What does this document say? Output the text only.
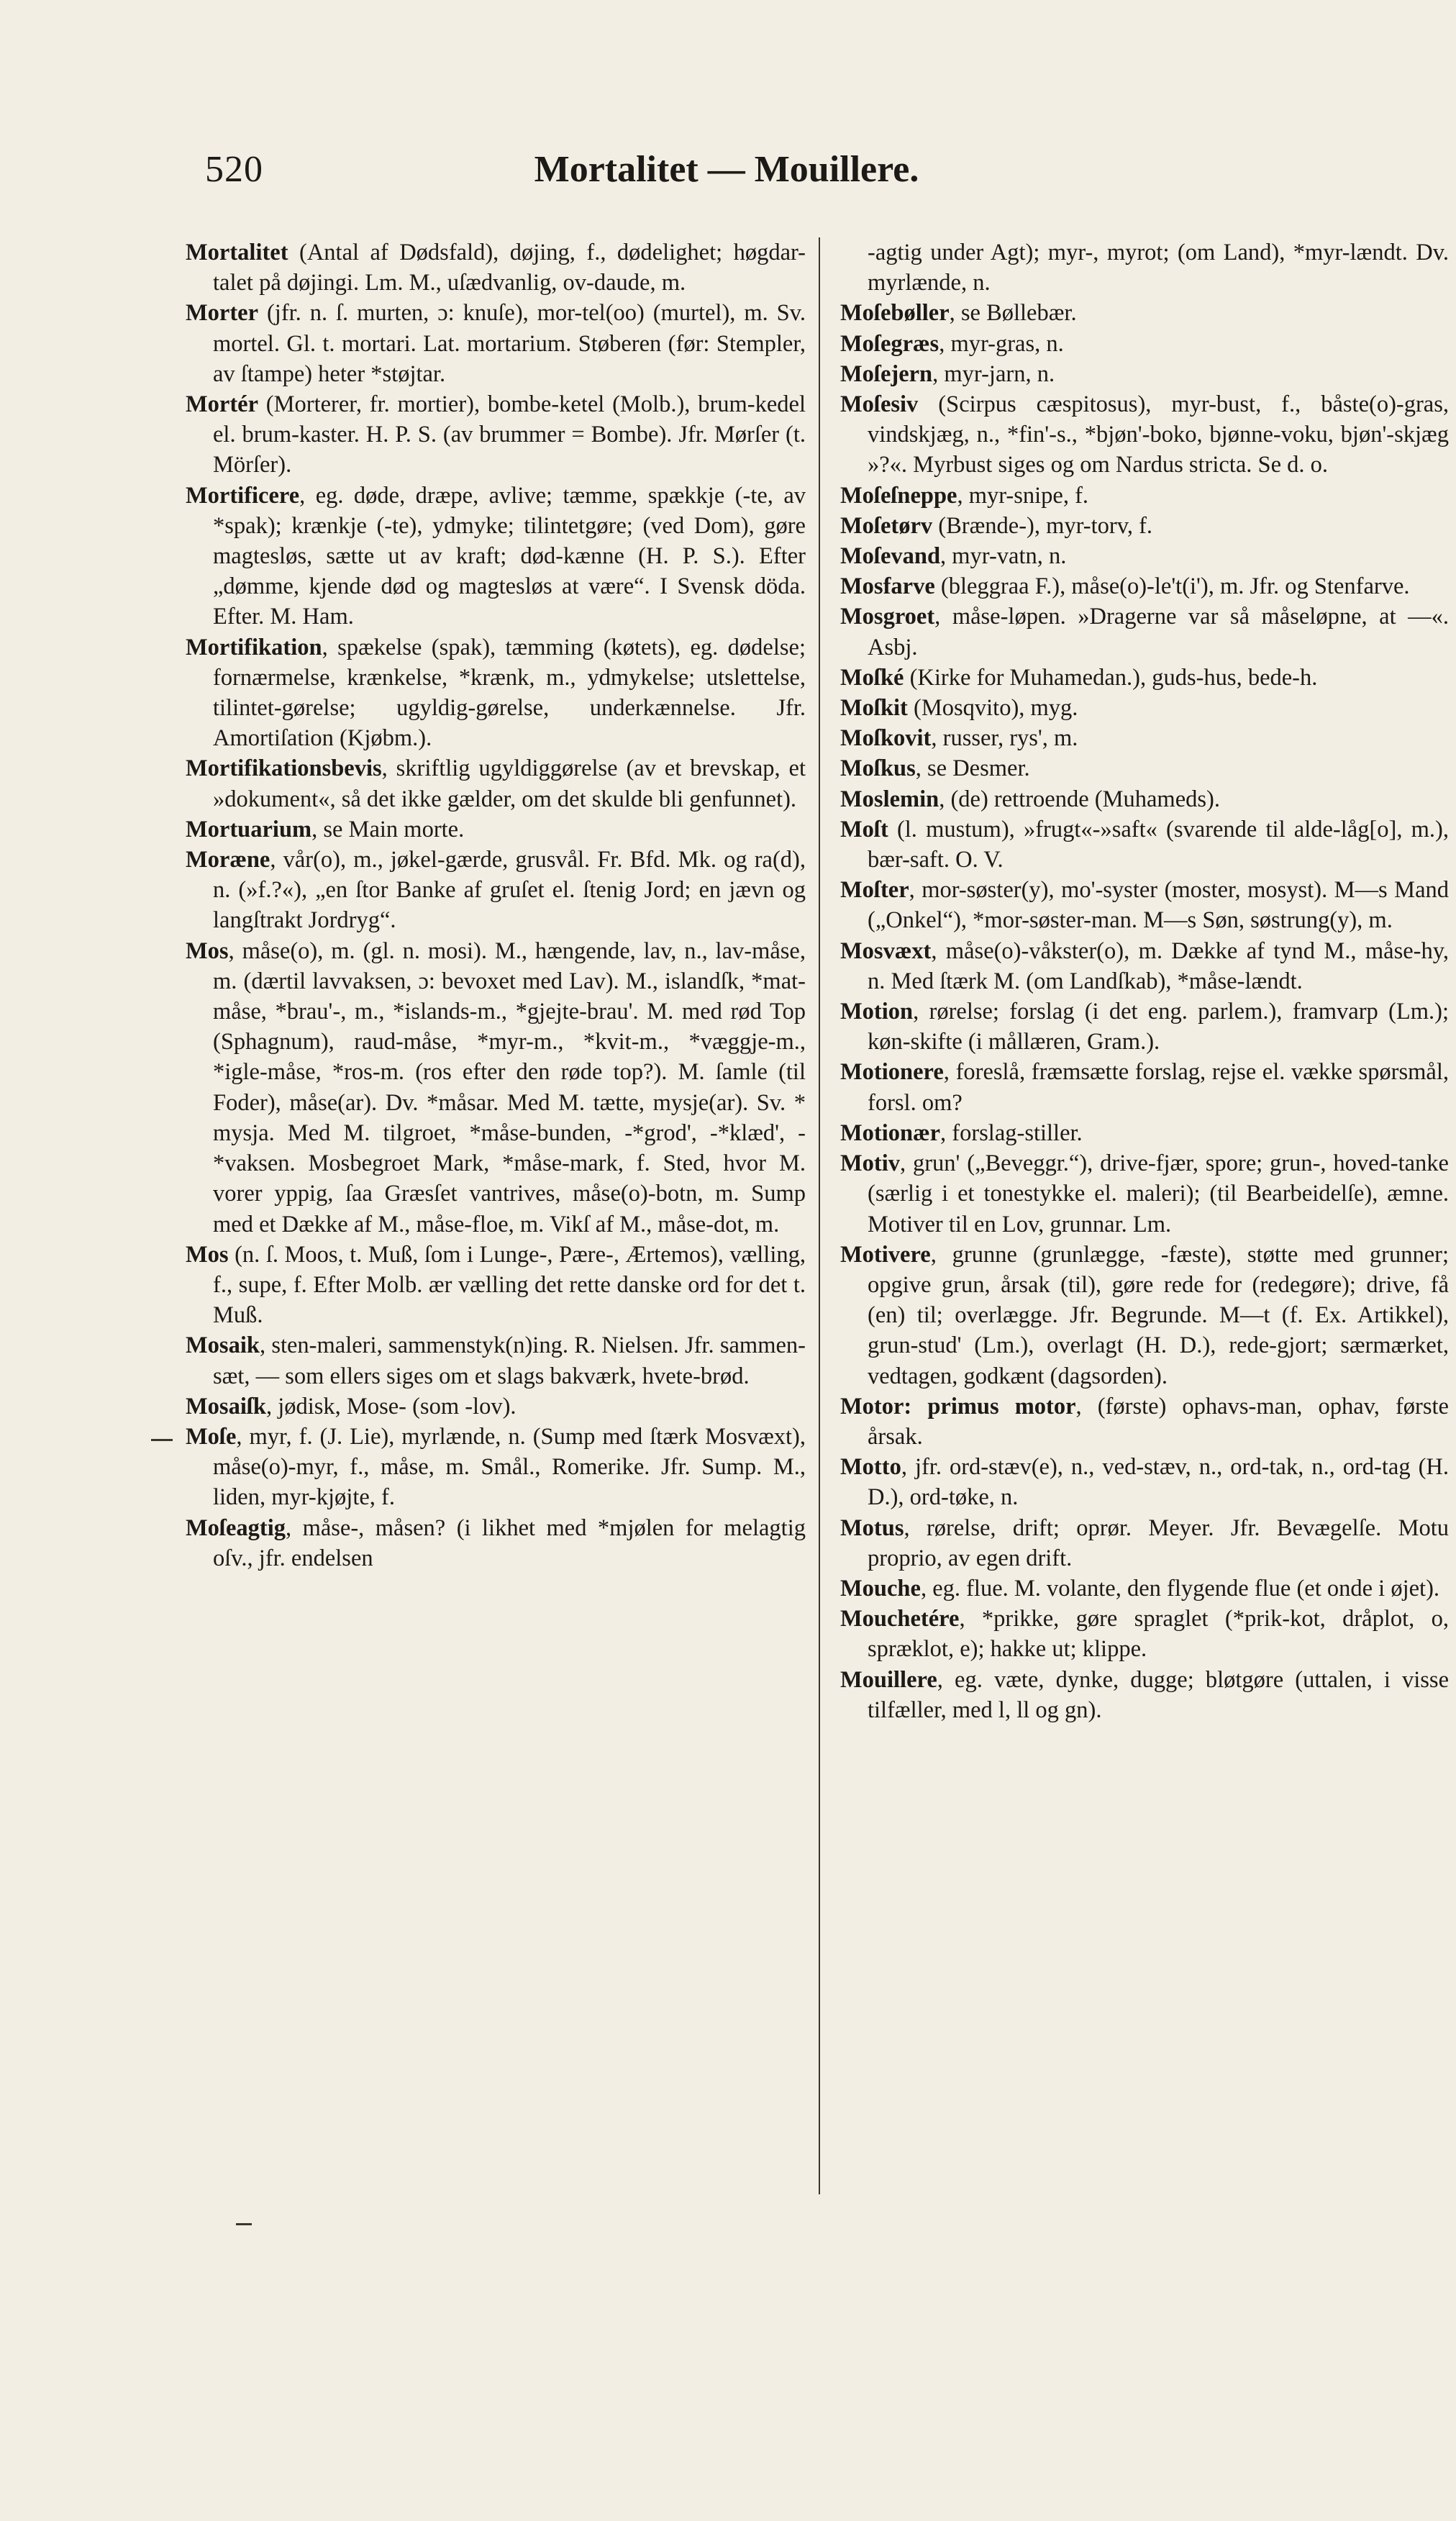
520	Mortalitet — Mouillere.

Mortalitet (Antal af Dødsfald), døjing, f., dødelighet; høgdar-talet på døjingi. Lm. M., uſædvanlig, ov-daude, m.

Morter (jfr. n. ſ. murten, ɔ: knuſe), mor-tel(oo) (murtel), m. Sv. mortel. Gl. t. mortari. Lat. mortarium. Støberen (før: Stempler, av ſtampe) heter *støjtar.

Mortér (Morterer, fr. mortier), bombe-ketel (Molb.), brum-kedel el. brum-kaster. H. P. S. (av brummer = Bombe). Jfr. Mørſer (t. Mörſer).

Mortificere, eg. døde, dræpe, avlive; tæmme, spækkje (-te, av *spak); krænkje (-te), ydmyke; tilintetgøre; (ved Dom), gøre magtesløs, sætte ut av kraft; død-kænne (H. P. S.). Efter „dømme, kjende død og magtesløs at være“. I Svensk döda. Efter. M. Ham.

Mortifikation, spækelse (spak), tæmming (køtets), eg. dødelse; fornærmelse, krænkelse, *krænk, m., ydmykelse; utslettelse, tilintet-gørelse; ugyldig-gørelse, underkænnelse. Jfr. Amortiſation (Kjøbm.).

Mortifikationsbevis, skriftlig ugyldiggørelse (av et brevskap, et »dokument«, så det ikke gælder, om det skulde bli genfunnet).

Mortuarium, se Main morte.

Moræne, vår(o), m., jøkel-gærde, grusvål. Fr. Bfd. Mk. og ra(d), n. (»f.?«), „en ſtor Banke af gruſet el. ſtenig Jord; en jævn og langſtrakt Jordryg“.

Mos, måse(o), m. (gl. n. mosi). M., hængende, lav, n., lav-måse, m. (dærtil lavvaksen, ɔ: bevoxet med Lav). M., islandſk, *mat-måse, *brau'-, m., *islands-m., *gjejte-brau'. M. med rød Top (Sphagnum), raud-måse, *myr-m., *kvit-m., *væggje-m., *igle-måse, *ros-m. (ros efter den røde top?). M. ſamle (til Foder), måse(ar). Dv. *måsar. Med M. tætte, mysje(ar). Sv. * mysja. Med M. tilgroet, *måse-bunden, -*grod', -*klæd', -*vaksen. Mosbegroet Mark, *måse-mark, f. Sted, hvor M. vorer yppig, ſaa Græsſet vantrives, måse(o)-botn, m. Sump med et Dække af M., måse-floe, m. Vikſ af M., måse-dot, m.

Mos (n. ſ. Moos, t. Muß, ſom i Lunge-, Pære-, Ærtemos), vælling, f., supe, f. Efter Molb. ær vælling det rette danske ord for det t. Muß.

Mosaik, sten-maleri, sammenstyk(n)ing. R. Nielsen. Jfr. sammen-sæt, — som ellers siges om et slags bakværk, hvete-brød.

Mosaiſk, jødisk, Mose- (som -lov).

Moſe, myr, f. (J. Lie), myrlænde, n. (Sump med ſtærk Mosvæxt), måse(o)-myr, f., måse, m. Smål., Romerike. Jfr. Sump. M., liden, myr-kjøjte, f.

Moſeagtig, måse-, måsen? (i likhet med *mjølen for melagtig oſv., jfr. endelsen

-agtig under Agt); myr-, myrot; (om Land), *myr-lændt. Dv. myrlænde, n.

Moſebøller, se Bøllebær.

Moſegræs, myr-gras, n.

Moſejern, myr-jarn, n.

Moſesiv (Scirpus cæspitosus), myr-bust, f., båste(o)-gras, vindskjæg, n., *fin'-s., *bjøn'-boko, bjønne-voku, bjøn'-skjæg »?«. Myrbust siges og om Nardus stricta. Se d. o.

Moſeſneppe, myr-snipe, f.

Moſetørv (Brænde-), myr-torv, f.

Moſevand, myr-vatn, n.

Mosfarve (bleggraa F.), måse(o)-le't(i'), m. Jfr. og Stenfarve.

Mosgroet, måse-løpen. »Dragerne var så måseløpne, at —«. Asbj.

Moſké (Kirke for Muhamedan.), guds-hus, bede-h.

Moſkit (Mosqvito), myg.

Moſkovit, russer, rys', m.

Moſkus, se Desmer.

Moslemin, (de) rettroende (Muhameds).

Moſt (l. mustum), »frugt«-»saft« (svarende til alde-låg[o], m.), bær-saft. O. V.

Moſter, mor-søster(y), mo'-syster (moster, mosyst). M—s Mand („Onkel“), *mor-søster-man. M—s Søn, søstrung(y), m.

Mosvæxt, måse(o)-våkster(o), m. Dække af tynd M., måse-hy, n. Med ſtærk M. (om Landſkab), *måse-lændt.

Motion, rørelse; forslag (i det eng. parlem.), framvarp (Lm.); køn-skifte (i mållæren, Gram.).

Motionere, foreslå, fræmsætte forslag, rejse el. vække spørsmål, forsl. om?

Motionær, forslag-stiller.

Motiv, grun' („Beveggr.“), drive-fjær, spore; grun-, hoved-tanke (særlig i et tonestykke el. maleri); (til Bearbeidelſe), æmne. Motiver til en Lov, grunnar. Lm.

Motivere, grunne (grunlægge, -fæste), støtte med grunner; opgive grun, årsak (til), gøre rede for (redegøre); drive, få (en) til; overlægge. Jfr. Begrunde. M—t (f. Ex. Artikkel), grun-stud' (Lm.), overlagt (H. D.), rede-gjort; særmærket, vedtagen, godkænt (dagsorden).

Motor: primus motor, (første) ophavs-man, ophav, første årsak.

Motto, jfr. ord-stæv(e), n., ved-stæv, n., ord-tak, n., ord-tag (H. D.), ord-tøke, n.

Motus, rørelse, drift; oprør. Meyer. Jfr. Bevægelſe. Motu proprio, av egen drift.

Mouche, eg. flue. M. volante, den flygende flue (et onde i øjet).

Mouchetére, *prikke, gøre spraglet (*prik-kot, dråplot, o, spræklot, e); hakke ut; klippe.

Mouillere, eg. væte, dynke, dugge; bløtgøre (uttalen, i visse tilfæller, med l, ll og gn).
